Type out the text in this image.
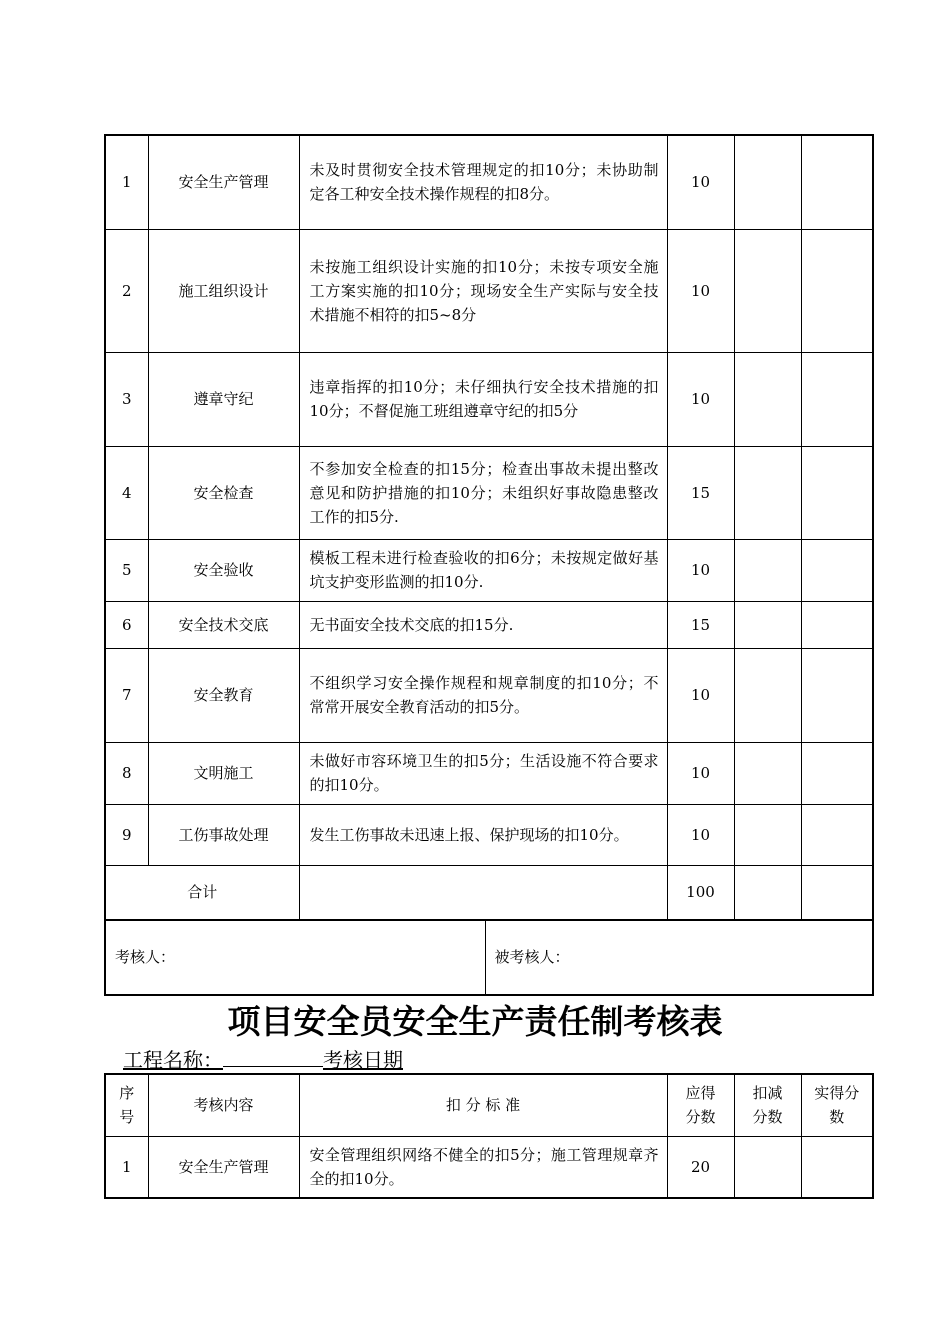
1	安全生产管理	未及时贯彻安全技术管理规定的扣10分；未协助制定各工种安全技术操作规程的扣8分。	10		
2	施工组织设计	未按施工组织设计实施的扣10分；未按专项安全施工方案实施的扣10分；现场安全生产实际与安全技术措施不相符的扣5~8分	10		
3	遵章守纪	违章指挥的扣10分；未仔细执行安全技术措施的扣10分；不督促施工班组遵章守纪的扣5分	10		
4	安全检查	不参加安全检查的扣15分；检查出事故未提出整改意见和防护措施的扣10分；未组织好事故隐患整改工作的扣5分.	15		
5	安全验收	模板工程未进行检查验收的扣6分；未按规定做好基坑支护变形监测的扣10分.	10		
6	安全技术交底	无书面安全技术交底的扣15分.	15		
7	安全教育	不组织学习安全操作规程和规章制度的扣10分；不常常开展安全教育活动的扣5分。	10		
8	文明施工	未做好市容环境卫生的扣5分；生活设施不符合要求的扣10分。	10		
9	工伤事故处理	发生工伤事故未迅速上报、保护现场的扣10分。	10		
合计			100		
考核人：	被考核人：
项目安全员安全生产责任制考核表
工程名称：	考核日期
序号	考核内容	扣 分 标 准	应得分数	扣减分数	实得分数
1	安全生产管理	安全管理组织网络不健全的扣5分；施工管理规章齐全的扣10分。	20		
